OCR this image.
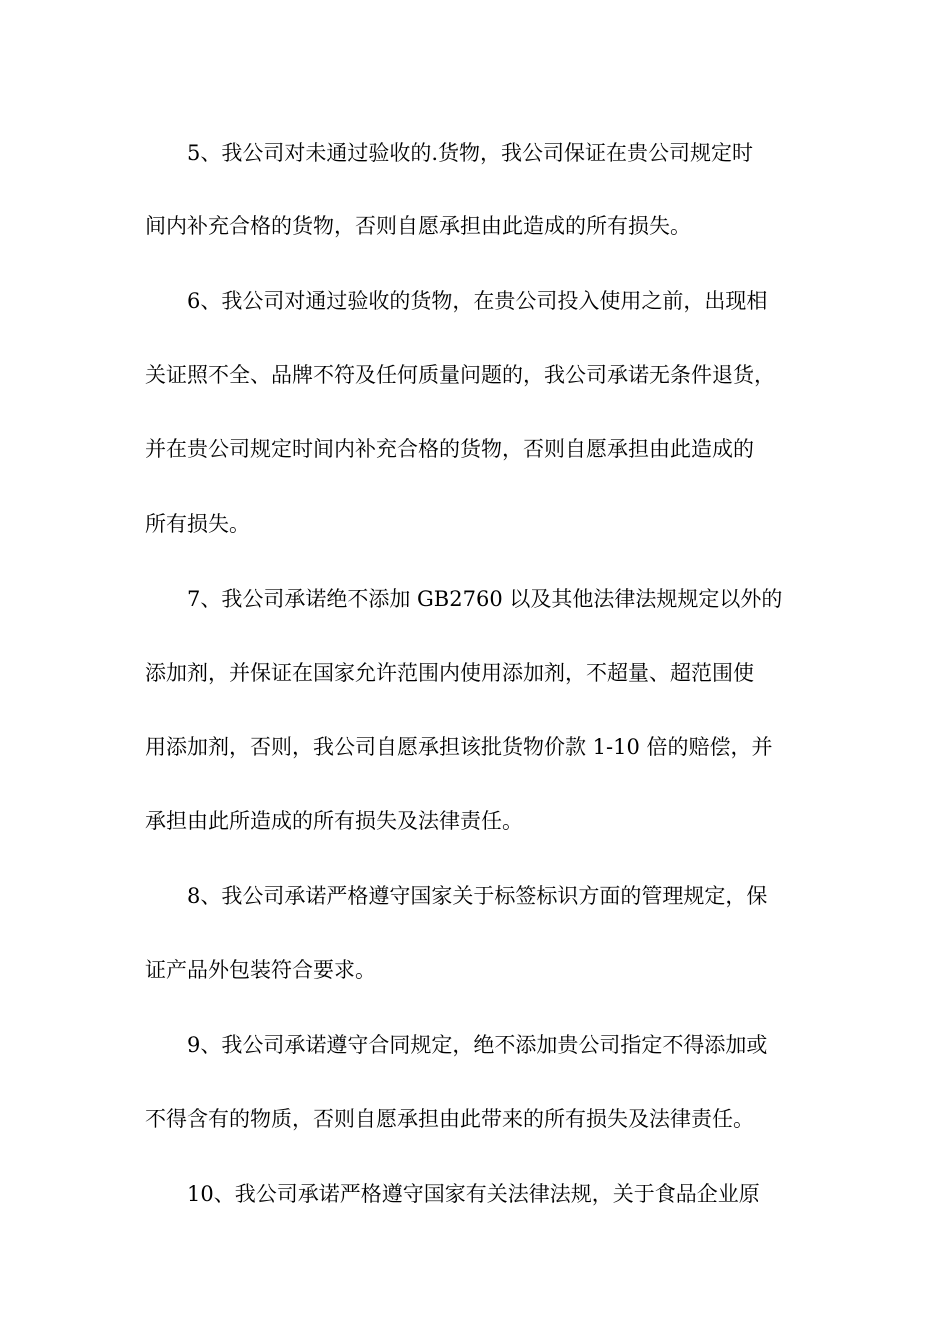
5、我公司对未通过验收的.货物，我公司保证在贵公司规定时
间内补充合格的货物，否则自愿承担由此造成的所有损失。
6、我公司对通过验收的货物，在贵公司投入使用之前，出现相
关证照不全、品牌不符及任何质量问题的，我公司承诺无条件退货，
并在贵公司规定时间内补充合格的货物，否则自愿承担由此造成的
所有损失。
7、我公司承诺绝不添加 GB2760 以及其他法律法规规定以外的
添加剂，并保证在国家允许范围内使用添加剂，不超量、超范围使
用添加剂，否则，我公司自愿承担该批货物价款 1-10 倍的赔偿，并
承担由此所造成的所有损失及法律责任。
8、我公司承诺严格遵守国家关于标签标识方面的管理规定，保
证产品外包装符合要求。
9、我公司承诺遵守合同规定，绝不添加贵公司指定不得添加或
不得含有的物质，否则自愿承担由此带来的所有损失及法律责任。
10、我公司承诺严格遵守国家有关法律法规，关于食品企业原
